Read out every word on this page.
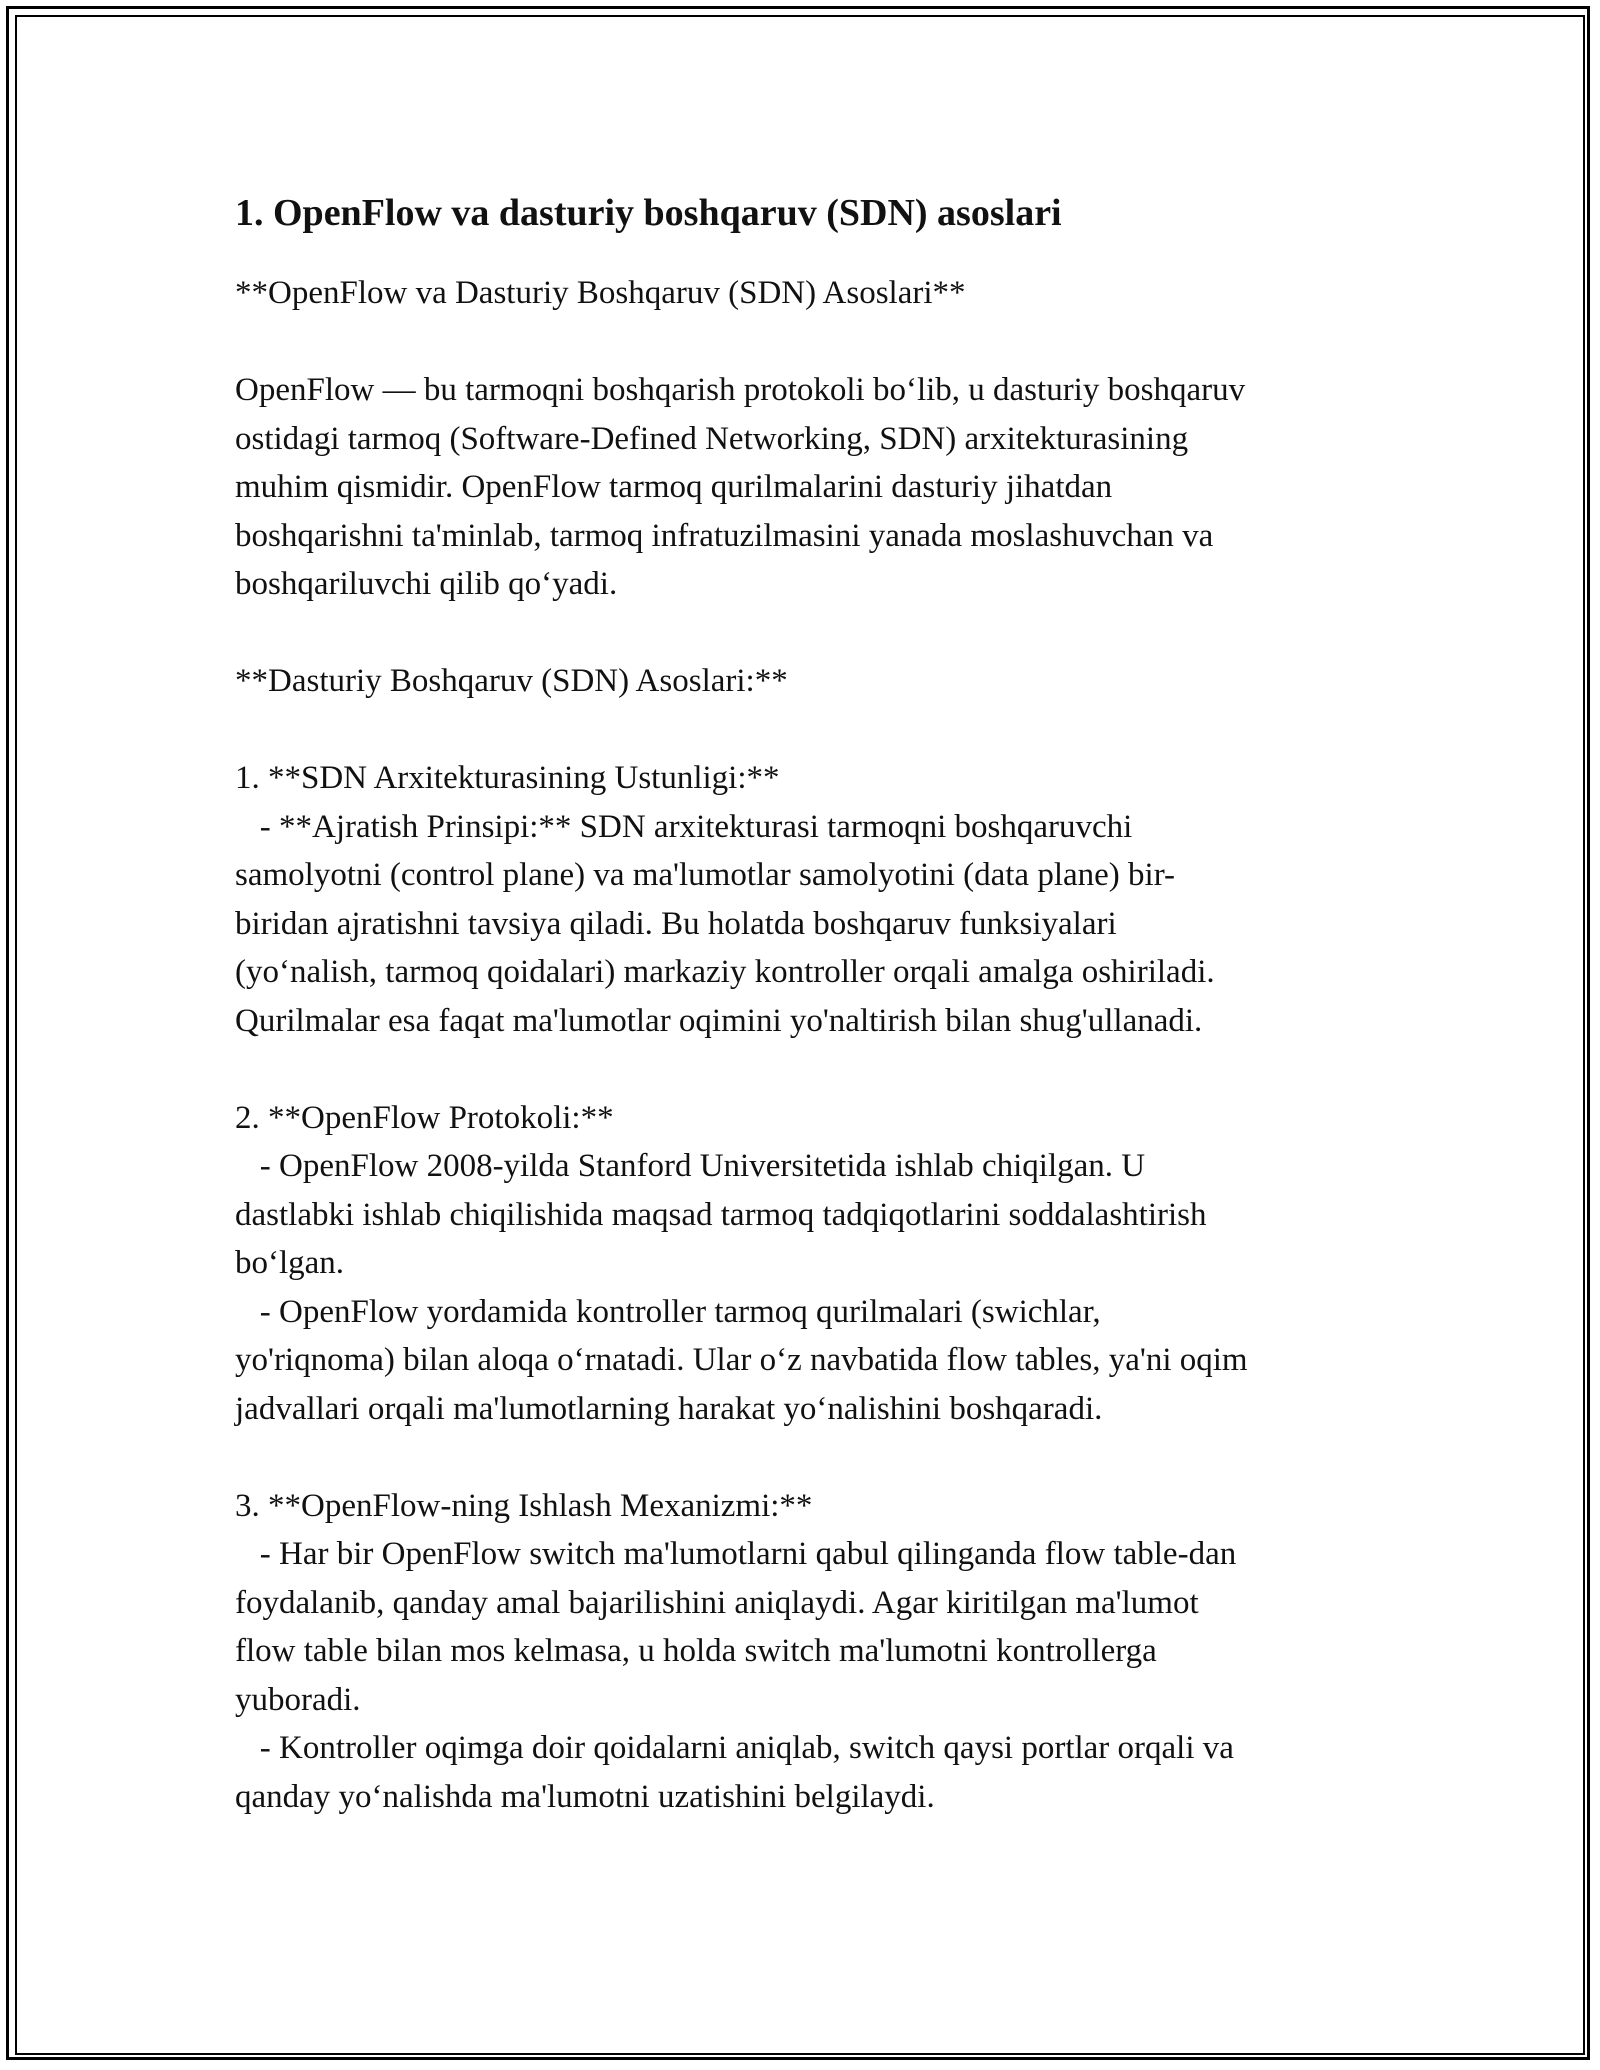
1. OpenFlow va dasturiy boshqaruv (SDN) asoslari

**OpenFlow va Dasturiy Boshqaruv (SDN) Asoslari**

OpenFlow — bu tarmoqni boshqarish protokoli bo‘lib, u dasturiy boshqaruv
ostidagi tarmoq (Software-Defined Networking, SDN) arxitekturasining
muhim qismidir. OpenFlow tarmoq qurilmalarini dasturiy jihatdan
boshqarishni ta'minlab, tarmoq infratuzilmasini yanada moslashuvchan va
boshqariluvchi qilib qo‘yadi.

**Dasturiy Boshqaruv (SDN) Asoslari:**

1. **SDN Arxitekturasining Ustunligi:**
- **Ajratish Prinsipi:** SDN arxitekturasi tarmoqni boshqaruvchi
samolyotni (control plane) va ma'lumotlar samolyotini (data plane) bir-
biridan ajratishni tavsiya qiladi. Bu holatda boshqaruv funksiyalari
(yo‘nalish, tarmoq qoidalari) markaziy kontroller orqali amalga oshiriladi.
Qurilmalar esa faqat ma'lumotlar oqimini yo'naltirish bilan shug'ullanadi.

2. **OpenFlow Protokoli:**
- OpenFlow 2008-yilda Stanford Universitetida ishlab chiqilgan. U
dastlabki ishlab chiqilishida maqsad tarmoq tadqiqotlarini soddalashtirish
bo‘lgan.
- OpenFlow yordamida kontroller tarmoq qurilmalari (swichlar,
yo'riqnoma) bilan aloqa o‘rnatadi. Ular o‘z navbatida flow tables, ya'ni oqim
jadvallari orqali ma'lumotlarning harakat yo‘nalishini boshqaradi.

3. **OpenFlow-ning Ishlash Mexanizmi:**
- Har bir OpenFlow switch ma'lumotlarni qabul qilinganda flow table-dan
foydalanib, qanday amal bajarilishini aniqlaydi. Agar kiritilgan ma'lumot
flow table bilan mos kelmasa, u holda switch ma'lumotni kontrollerga
yuboradi.
- Kontroller oqimga doir qoidalarni aniqlab, switch qaysi portlar orqali va
qanday yo‘nalishda ma'lumotni uzatishini belgilaydi.
